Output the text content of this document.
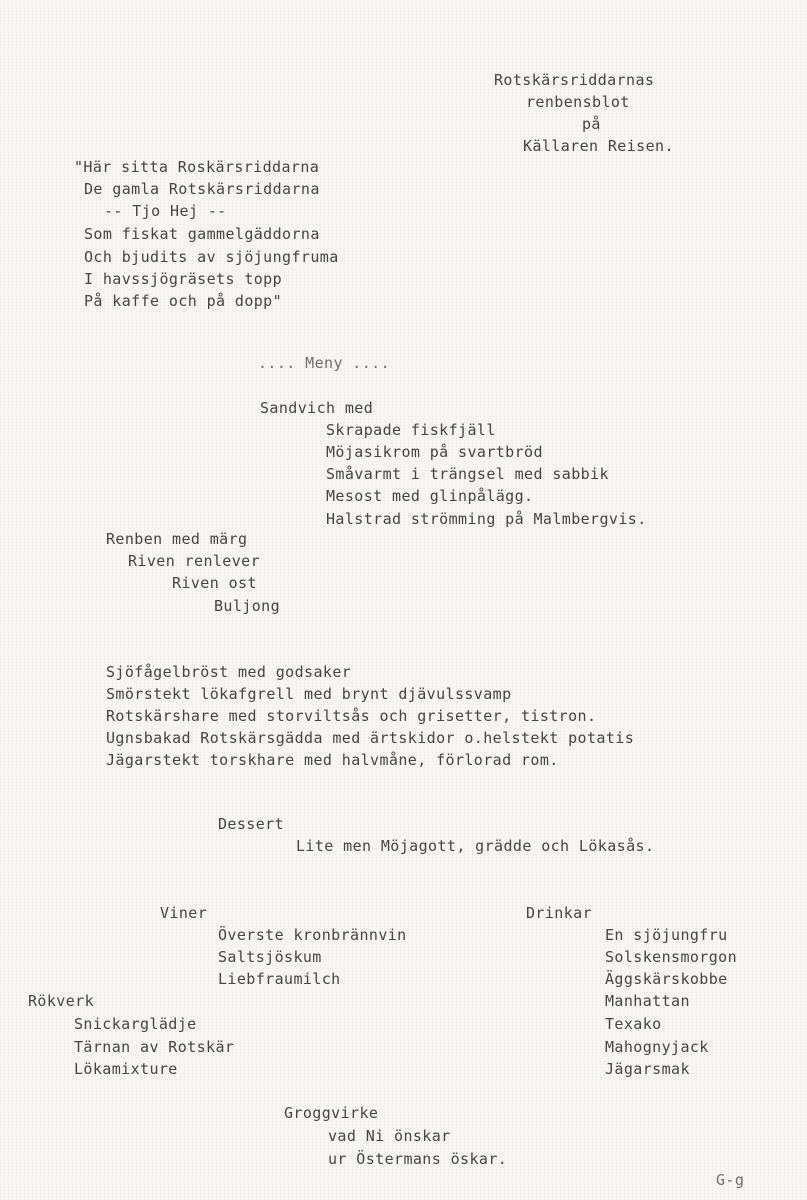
Rotskärsriddarnas
renbensblot
på
Källaren Reisen.
"Här sitta Roskärsriddarna
De gamla Rotskärsriddarna
-- Tjo Hej --
Som fiskat gammelgäddorna
Och bjudits av sjöjungfruma
I havssjögräsets topp
På kaffe och på dopp"
.... Meny ....
Sandvich med
Skrapade fiskfjäll
Möjasikrom på svartbröd
Småvarmt i trängsel med sabbik
Mesost med glinpålägg.
Halstrad strömming på Malmbergvis.
Renben med märg
Riven renlever
Riven ost
Buljong
Sjöfågelbröst med godsaker
Smörstekt lökafgrell med brynt djävulssvamp
Rotskärshare med storviltsås och grisetter, tistron.
Ugnsbakad Rotskärsgädda med ärtskidor o.helstekt potatis
Jägarstekt torskhare med halvmåne, förlorad rom.
Dessert
Lite men Möjagott, grädde och Lökasås.
Viner
Överste kronbrännvin
Saltsjöskum
Liebfraumilch
Drinkar
En sjöjungfru
Solskensmorgon
Äggskärskobbe
Manhattan
Texako
Mahognyjack
Jägarsmak
Rökverk
Snickarglädje
Tärnan av Rotskär
Lökamixture
Groggvirke
vad Ni önskar
ur Östermans öskar.
G-g
